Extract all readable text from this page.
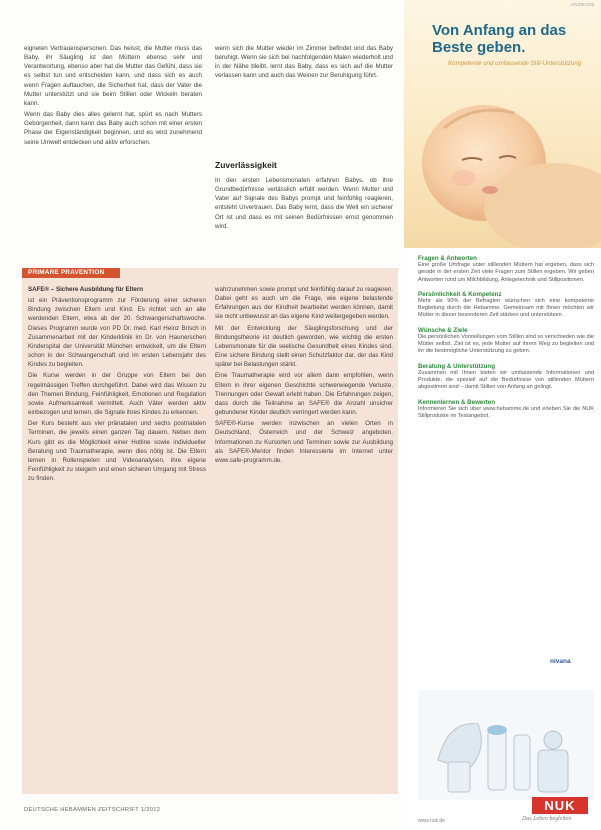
eigneten Vertrauenspersonen. Das heisst, die Mutter muss das Baby, ihr Säugling ist den Müttern ebenso sehr und Verantwortung, ebenso aber hat die Mutter das Gefühl, dass sie es selbst tun und entscheiden kann, und dass sich es auch wenn Fragen auftauchen, die Sicherheit hat, dass der Vater die Mutter unterstützt und sie beim Stillen oder Wickeln beraten kann.

Wenn das Baby dies alles gelernt hat, spürt es nach Mutters Geborgenheit, dann kann das Baby auch schon mit einer ersten Phase der Eigenständigkeit beginnen, und es wird zunehmend seine Umwelt entdecken und aktiv erforschen.

wenn sich die Mutter wieder im Zimmer befindet und das Baby beruhigt. Wenn sie sich bei nachfolgenden Malen wiederholt und in der Nähe bleibt, lernt das Baby, dass es sich auf die Mutter verlassen kann und auch das Weinen zur Beruhigung führt.

Zuverlässigkeit

In den ersten Lebensmonaten erfahren Babys, ob ihre Grundbedürfnisse verlässlich erfüllt werden. Wenn Mutter und Vater auf Signale des Babys prompt und feinfühlig reagieren, entsteht Urvertrauen. Das Baby lernt, dass die Welt ein sicherer Ort ist und dass es mit seinen Bedürfnissen ernst genommen wird.

PRIMARE PRAVENTION

SAFE® – Sichere Ausbildung für Eltern

ist ein Präventionsprogramm zur Förderung einer sicheren Bindung zwischen Eltern und Kind. Es richtet sich an alle werdenden Eltern, etwa ab der 20. Schwangerschaftswoche. Dieses Programm wurde von PD Dr. med. Karl Heinz Brisch in Zusammenarbeit mit der Kinderklinik im Dr. von Haunerschen Kinderspital der Universität München entwickelt, um die Eltern schon in der Schwangerschaft und im ersten Lebensjahr des Kindes zu begleiten.

Die Kurse werden in der Gruppe von Eltern bei den regelmässigen Treffen durchgeführt. Dabei wird das Wissen zu den Themen Bindung, Feinfühligkeit, Emotionen und Regulation sowie Aufmerksamkeit vermittelt. Auch Väter werden aktiv einbezogen und lernen, die Signale ihres Kindes zu erkennen.

Der Kurs besteht aus vier pränatalen und sechs postnatalen Terminen, die jeweils einen ganzen Tag dauern. Neben dem Kurs gibt es die Möglichkeit einer Hotline sowie individueller Beratung und Traumatherapie, wenn dies nötig ist. Die Eltern lernen in Rollenspielen und Videoanalysen, ihre eigene Feinfühligkeit zu steigern und einen sicheren Umgang mit Stress zu finden.

wahrzunehmen sowie prompt und feinfühlig darauf zu reagieren. Dabei geht es auch um die Frage, wie eigene belastende Erfahrungen aus der Kindheit bearbeitet werden können, damit sie nicht unbewusst an das eigene Kind weitergegeben werden.

Mit der Entwicklung der Säuglingsforschung und der Bindungstheorie ist deutlich geworden, wie wichtig die ersten Lebensmonate für die seelische Gesundheit eines Kindes sind. Eine sichere Bindung stellt einen Schutzfaktor dar, der das Kind später bei Belastungen stärkt.

Eine Traumatherapie wird vor allem dann empfohlen, wenn Eltern in ihrer eigenen Geschichte schwerwiegende Verluste, Trennungen oder Gewalt erlebt haben. Die Erfahrungen zeigen, dass durch die Teilnahme an SAFE® die Anzahl unsicher gebundener Kinder deutlich verringert werden kann.

SAFE®-Kurse werden inzwischen an vielen Orten in Deutschland, Österreich und der Schweiz angeboten. Informationen zu Kursorten und Terminen sowie zur Ausbildung als SAFE®-Mentor finden Interessierte im Internet unter www.safe-programm.de.

DEUTSCHE HEBAMMEN ZEITSCHRIFT 1/2012
ANZEIGE
Von Anfang an das Beste geben.
Kompetente und umfassende Still-Unterstützung
Fragen & Antworten
Eine große Umfrage unter stillenden Müttern hat ergeben, dass sich gerade in der ersten Zeit viele Fragen zum Stillen ergeben. Wir geben Antworten rund um Milchbildung, Anlegetechnik und Stillpositionen.
Persönlichkeit & Kompetenz
Mehr als 90% der Befragten wünschen sich eine kompetente Begleitung durch die Hebamme. Gemeinsam mit Ihnen möchten wir Mütter in dieser besonderen Zeit stärken und unterstützen.
Wünsche & Ziele
Die persönlichen Vorstellungen vom Stillen sind so verschieden wie die Mütter selbst. Ziel ist es, jede Mutter auf ihrem Weg zu begleiten und ihr die bestmögliche Unterstützung zu geben.
Beratung & Unterstützung
Zusammen mit Ihnen bieten wir umfassende Informationen und Produkte, die speziell auf die Bedürfnisse von stillenden Müttern abgestimmt sind – damit Stillen von Anfang an gelingt.
Kennenlernen & Bewerten
Informieren Sie sich über www.hebamme.de und erleben Sie die NUK Stillprodukte im Testangebot.
nivana
NUK
Das Leben begleiten
www.nuk.de
